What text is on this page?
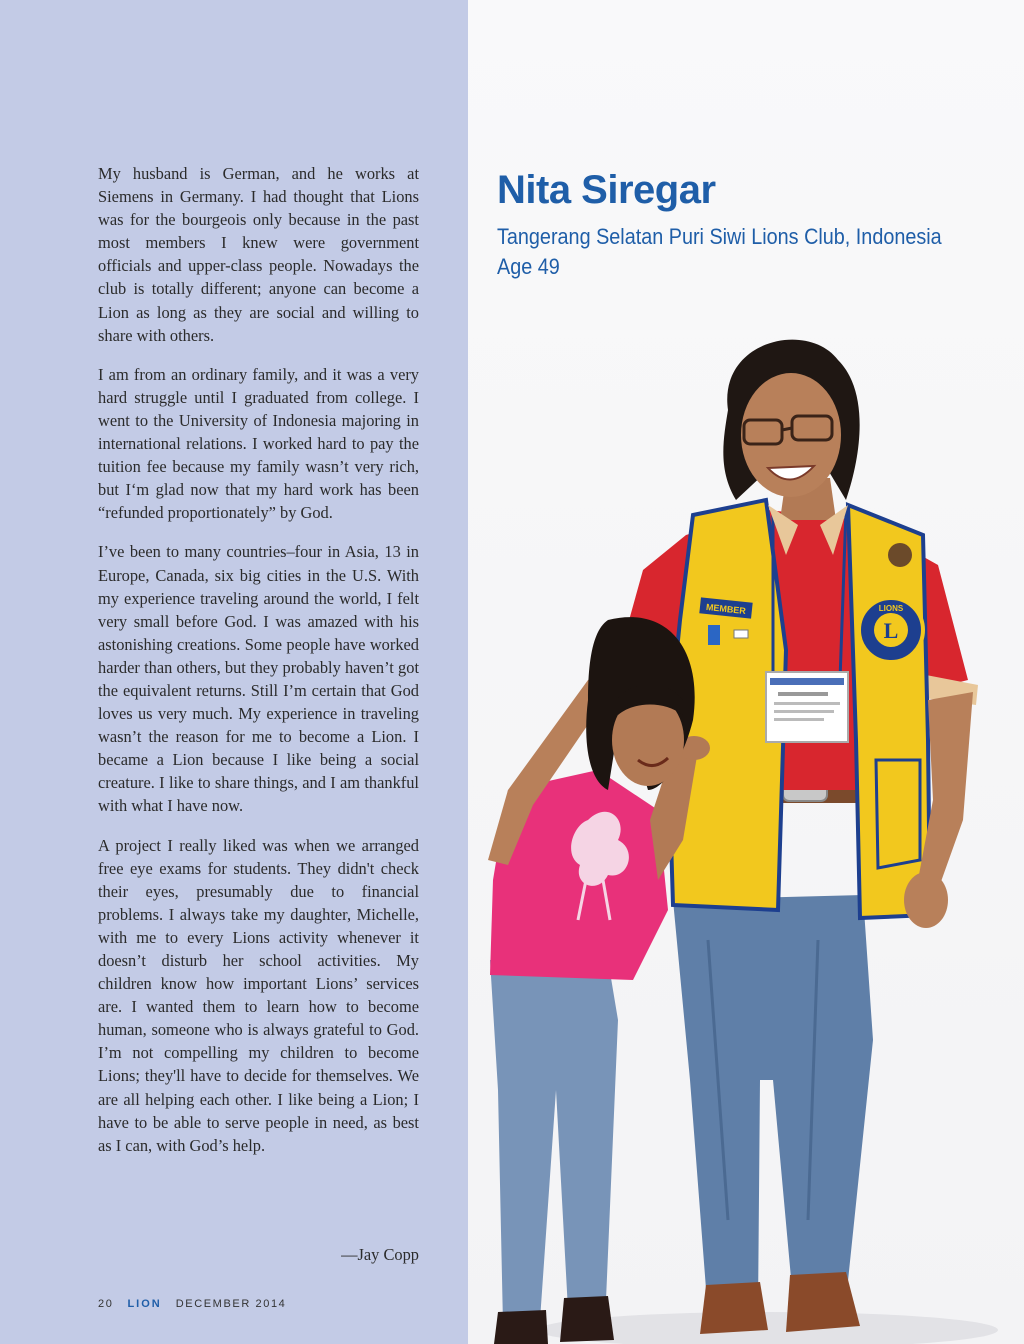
My husband is German, and he works at Siemens in Germany. I had thought that Lions was for the bourgeois only because in the past most members I knew were government officials and upper-class people. Nowadays the club is totally different; anyone can become a Lion as long as they are social and willing to share with others.

I am from an ordinary family, and it was a very hard struggle until I graduated from college. I went to the University of Indonesia majoring in international relations. I worked hard to pay the tuition fee because my family wasn’t very rich, but I‘m glad now that my hard work has been “refunded proportionately” by God.

I’ve been to many countries–four in Asia, 13 in Europe, Canada, six big cities in the U.S. With my experience traveling around the world, I felt very small before God. I was amazed with his astonishing creations. Some people have worked harder than others, but they probably haven’t got the equivalent returns. Still I’m certain that God loves us very much. My experience in traveling wasn’t the reason for me to become a Lion. I became a Lion because I like being a social creature. I like to share things, and I am thankful with what I have now.

A project I really liked was when we arranged free eye exams for students. They didn't check their eyes, presumably due to financial problems. I always take my daughter, Michelle, with me to every Lions activity whenever it doesn’t disturb her school activities. My children know how important Lions’ services are. I wanted them to learn how to become human, someone who is always grateful to God. I’m not compelling my children to become Lions; they'll have to decide for themselves. We are all helping each other. I like being a Lion; I have to be able to serve people in need, as best as I can, with God’s help.

—Jay Copp
20 LION DECEMBER 2014
Nita Siregar
Tangerang Selatan Puri Siwi Lions Club, Indonesia
Age 49
MEMBER
L
LIONS
